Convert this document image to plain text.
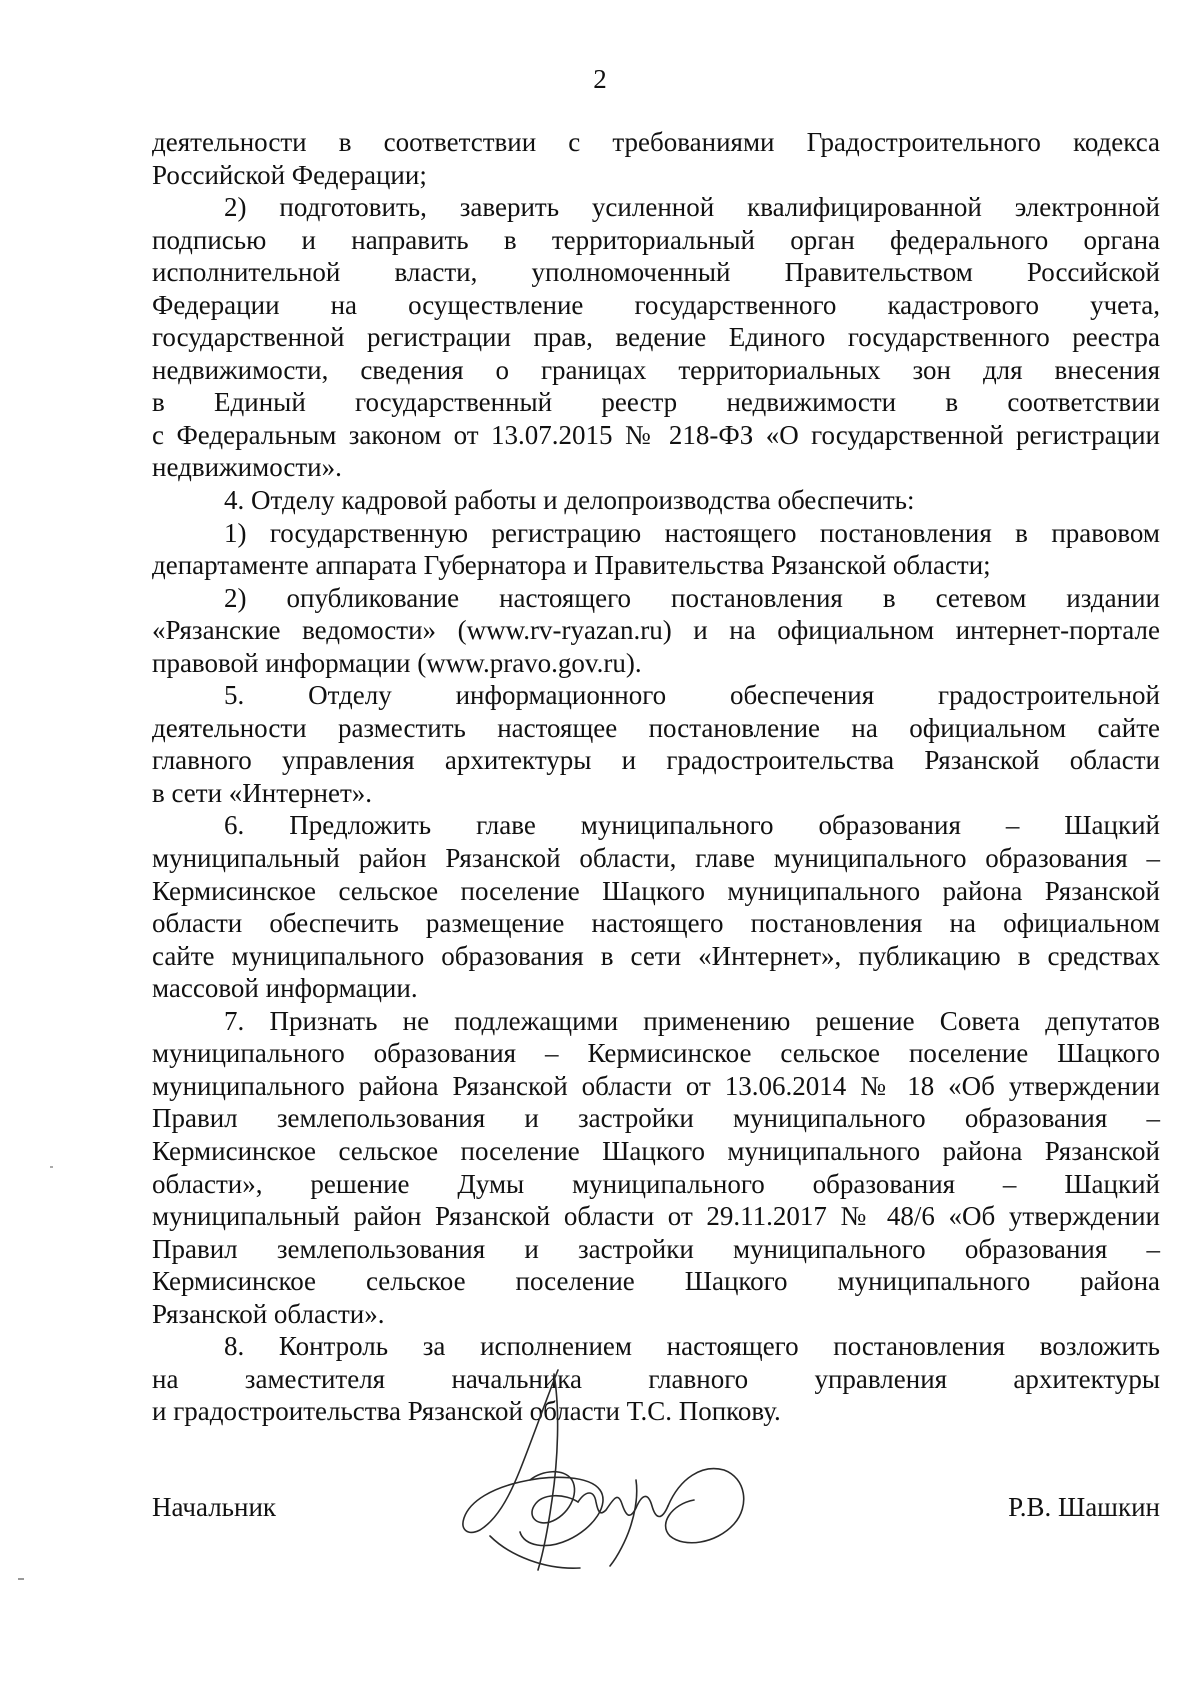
2
деятельности в соответствии с требованиями Градостроительного кодекса
Российской Федерации;
2) подготовить, заверить усиленной квалифицированной электронной
подписью и направить в территориальный орган федерального органа
исполнительной власти, уполномоченный Правительством Российской
Федерации на осуществление государственного кадастрового учета,
государственной регистрации прав, ведение Единого государственного реестра
недвижимости, сведения о границах территориальных зон для внесения
в Единый государственный реестр недвижимости в соответствии
с Федеральным законом от 13.07.2015 № 218-ФЗ «О государственной регистрации
недвижимости».
4. Отделу кадровой работы и делопроизводства обеспечить:
1) государственную регистрацию настоящего постановления в правовом
департаменте аппарата Губернатора и Правительства Рязанской области;
2) опубликование настоящего постановления в сетевом издании
«Рязанские ведомости» (www.rv-ryazan.ru) и на официальном интернет-портале
правовой информации (www.pravo.gov.ru).
5. Отделу информационного обеспечения градостроительной
деятельности разместить настоящее постановление на официальном сайте
главного управления архитектуры и градостроительства Рязанской области
в сети «Интернет».
6. Предложить главе муниципального образования – Шацкий
муниципальный район Рязанской области, главе муниципального образования –
Кермисинское сельское поселение Шацкого муниципального района Рязанской
области обеспечить размещение настоящего постановления на официальном
сайте муниципального образования в сети «Интернет», публикацию в средствах
массовой информации.
7. Признать не подлежащими применению решение Совета депутатов
муниципального образования – Кермисинское сельское поселение Шацкого
муниципального района Рязанской области от 13.06.2014 № 18 «Об утверждении
Правил землепользования и застройки муниципального образования –
Кермисинское сельское поселение Шацкого муниципального района Рязанской
области», решение Думы муниципального образования – Шацкий
муниципальный район Рязанской области от 29.11.2017 № 48/6 «Об утверждении
Правил землепользования и застройки муниципального образования –
Кермисинское сельское поселение Шацкого муниципального района
Рязанской области».
8. Контроль за исполнением настоящего постановления возложить
на заместителя начальника главного управления архитектуры
и градостроительства Рязанской области Т.С. Попкову.
Начальник	Р.В. Шашкин
